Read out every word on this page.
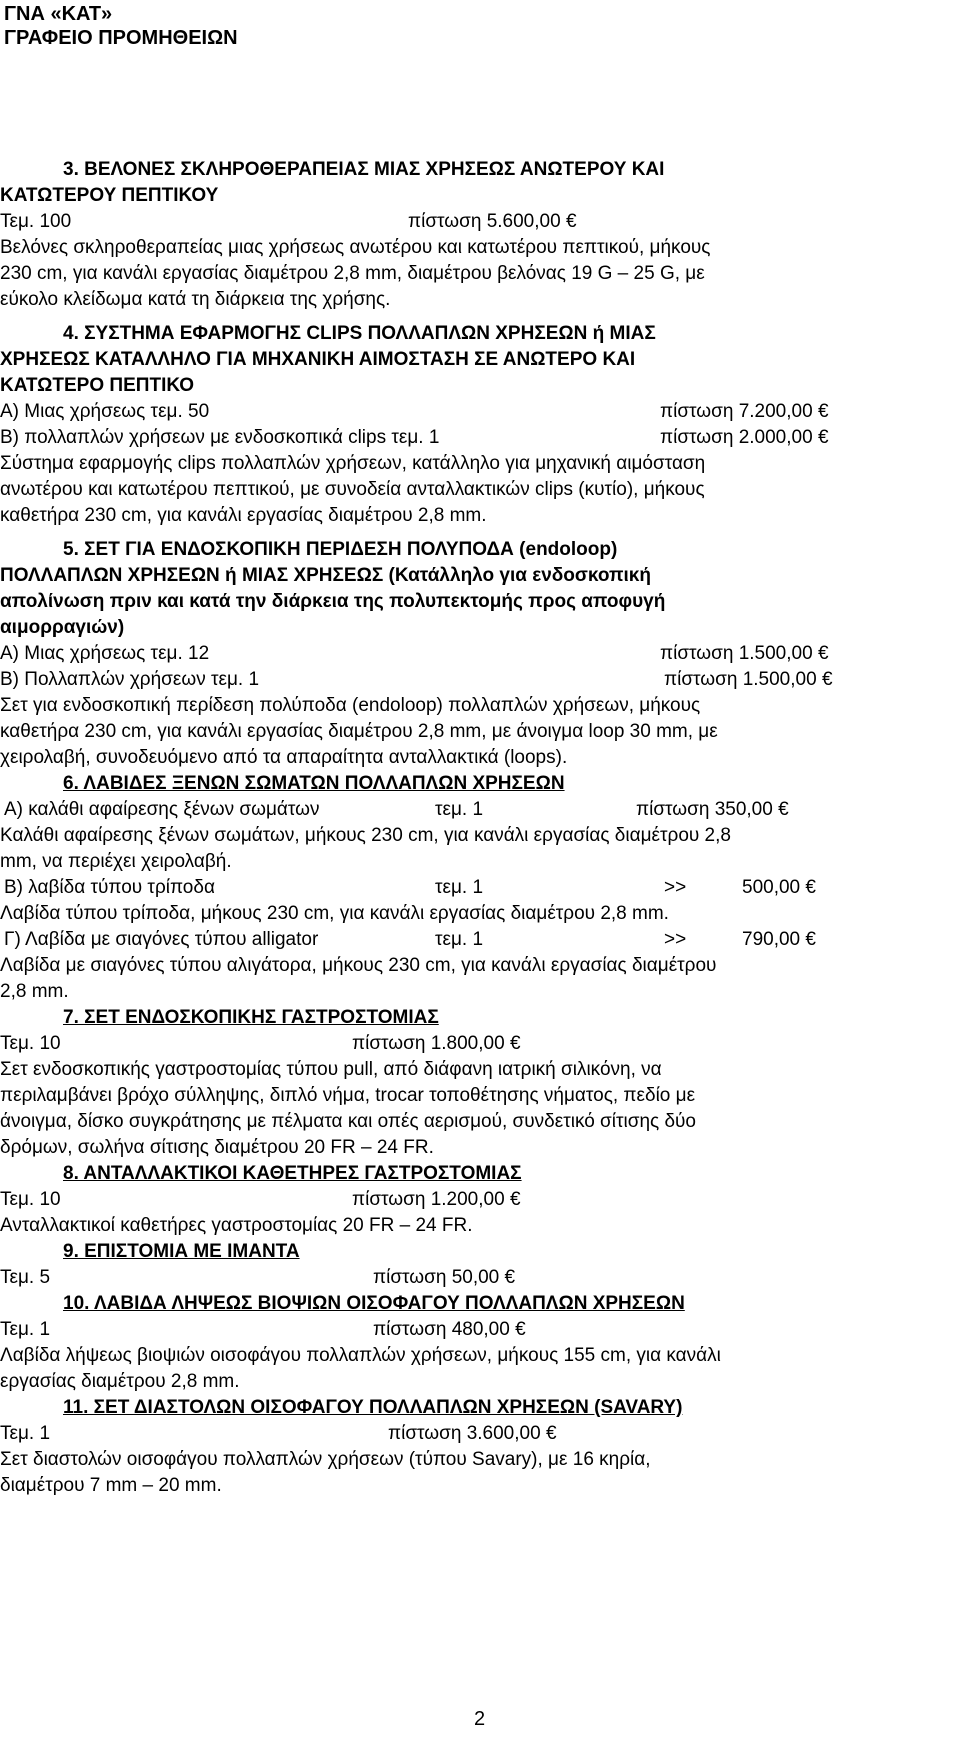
ΓΝΑ «ΚΑΤ»
ΓΡΑΦΕΙΟ ΠΡΟΜΗΘΕΙΩΝ
3. ΒΕΛΟΝΕΣ ΣΚΛΗΡΟΘΕΡΑΠΕΙΑΣ ΜΙΑΣ ΧΡΗΣΕΩΣ ΑΝΩΤΕΡΟΥ ΚΑΙ
ΚΑΤΩΤΕΡΟΥ ΠΕΠΤΙΚΟΥ
Τεμ. 100	πίστωση 5.600,00 €
Βελόνες σκληροθεραπείας μιας χρήσεως ανωτέρου και κατωτέρου πεπτικού, μήκους
230 cm, για κανάλι εργασίας διαμέτρου 2,8 mm, διαμέτρου βελόνας 19 G – 25 G, με
εύκολο κλείδωμα κατά τη διάρκεια της χρήσης.
4. ΣΥΣΤΗΜΑ ΕΦΑΡΜΟΓΗΣ CLIPS ΠΟΛΛΑΠΛΩΝ ΧΡΗΣΕΩΝ ή ΜΙΑΣ
ΧΡΗΣΕΩΣ ΚΑΤΑΛΛΗΛΟ ΓΙΑ ΜΗΧΑΝΙΚΗ ΑΙΜΟΣΤΑΣΗ ΣΕ ΑΝΩΤΕΡΟ ΚΑΙ
ΚΑΤΩΤΕΡΟ ΠΕΠΤΙΚΟ
Α) Μιας χρήσεως τεμ. 50	πίστωση 7.200,00 €
Β) πολλαπλών χρήσεων με ενδοσκοπικά clips τεμ. 1	πίστωση 2.000,00 €
Σύστημα εφαρμογής clips πολλαπλών χρήσεων, κατάλληλο για μηχανική αιμόσταση
ανωτέρου και κατωτέρου πεπτικού, με συνοδεία ανταλλακτικών clips (κυτίο), μήκους
καθετήρα 230 cm, για κανάλι εργασίας διαμέτρου 2,8 mm.
5. ΣΕΤ ΓΙΑ ΕΝΔΟΣΚΟΠΙΚΗ ΠΕΡΙΔΕΣΗ ΠΟΛΥΠΟΔΑ (endoloop)
ΠΟΛΛΑΠΛΩΝ ΧΡΗΣΕΩΝ ή ΜΙΑΣ ΧΡΗΣΕΩΣ (Κατάλληλο για ενδοσκοπική
απολίνωση πριν και κατά την διάρκεια της πολυπεκτομής προς αποφυγή
αιμορραγιών)
Α) Μιας χρήσεως τεμ. 12	πίστωση 1.500,00 €
Β) Πολλαπλών χρήσεων τεμ. 1	πίστωση 1.500,00 €
Σετ για ενδοσκοπική περίδεση πολύποδα (endoloop) πολλαπλών χρήσεων, μήκους
καθετήρα 230 cm, για κανάλι εργασίας διαμέτρου 2,8 mm, με άνοιγμα loop 30 mm, με
χειρολαβή, συνοδευόμενο από τα απαραίτητα ανταλλακτικά (loops).
6. ΛΑΒΙΔΕΣ ΞΕΝΩΝ ΣΩΜΑΤΩΝ ΠΟΛΛΑΠΛΩΝ ΧΡΗΣΕΩΝ
Α) καλάθι αφαίρεσης ξένων σωμάτων	τεμ. 1	πίστωση 350,00 €
Καλάθι αφαίρεσης ξένων σωμάτων, μήκους 230 cm, για κανάλι εργασίας διαμέτρου 2,8
mm, να περιέχει χειρολαβή.
Β) λαβίδα τύπου τρίποδα	τεμ. 1	>>	500,00 €
Λαβίδα τύπου τρίποδα, μήκους 230 cm, για κανάλι εργασίας διαμέτρου 2,8 mm.
Γ) Λαβίδα με σιαγόνες τύπου alligator	τεμ. 1	>>	790,00 €
Λαβίδα με σιαγόνες τύπου αλιγάτορα, μήκους 230 cm, για κανάλι εργασίας διαμέτρου
2,8 mm.
7. ΣΕΤ ΕΝΔΟΣΚΟΠΙΚΗΣ ΓΑΣΤΡΟΣΤΟΜΙΑΣ
Τεμ. 10	πίστωση 1.800,00 €
Σετ ενδοσκοπικής γαστροστομίας τύπου pull, από διάφανη ιατρική σιλικόνη, να
περιλαμβάνει βρόχο σύλληψης, διπλό νήμα, trocar τοποθέτησης νήματος, πεδίο με
άνοιγμα, δίσκο συγκράτησης με πέλματα και οπές αερισμού, συνδετικό σίτισης δύο
δρόμων, σωλήνα σίτισης διαμέτρου 20 FR – 24 FR.
8. ΑΝΤΑΛΛΑΚΤΙΚΟΙ ΚΑΘΕΤΗΡΕΣ ΓΑΣΤΡΟΣΤΟΜΙΑΣ
Τεμ. 10	πίστωση 1.200,00 €
Ανταλλακτικοί καθετήρες γαστροστομίας 20 FR – 24 FR.
9. ΕΠΙΣΤΟΜΙΑ ΜΕ ΙΜΑΝΤΑ
Τεμ. 5	πίστωση 50,00 €
10. ΛΑΒΙΔΑ ΛΗΨΕΩΣ ΒΙΟΨΙΩΝ ΟΙΣΟΦΑΓΟΥ ΠΟΛΛΑΠΛΩΝ ΧΡΗΣΕΩΝ
Τεμ. 1	πίστωση 480,00 €
Λαβίδα λήψεως βιοψιών οισοφάγου πολλαπλών χρήσεων, μήκους 155 cm, για κανάλι
εργασίας διαμέτρου 2,8 mm.
11. ΣΕΤ ΔΙΑΣΤΟΛΩΝ ΟΙΣΟΦΑΓΟΥ ΠΟΛΛΑΠΛΩΝ ΧΡΗΣΕΩΝ (SAVARY)
Τεμ. 1	πίστωση 3.600,00 €
Σετ διαστολών οισοφάγου πολλαπλών χρήσεων (τύπου Savary), με 16 κηρία,
διαμέτρου 7 mm – 20 mm.
2
